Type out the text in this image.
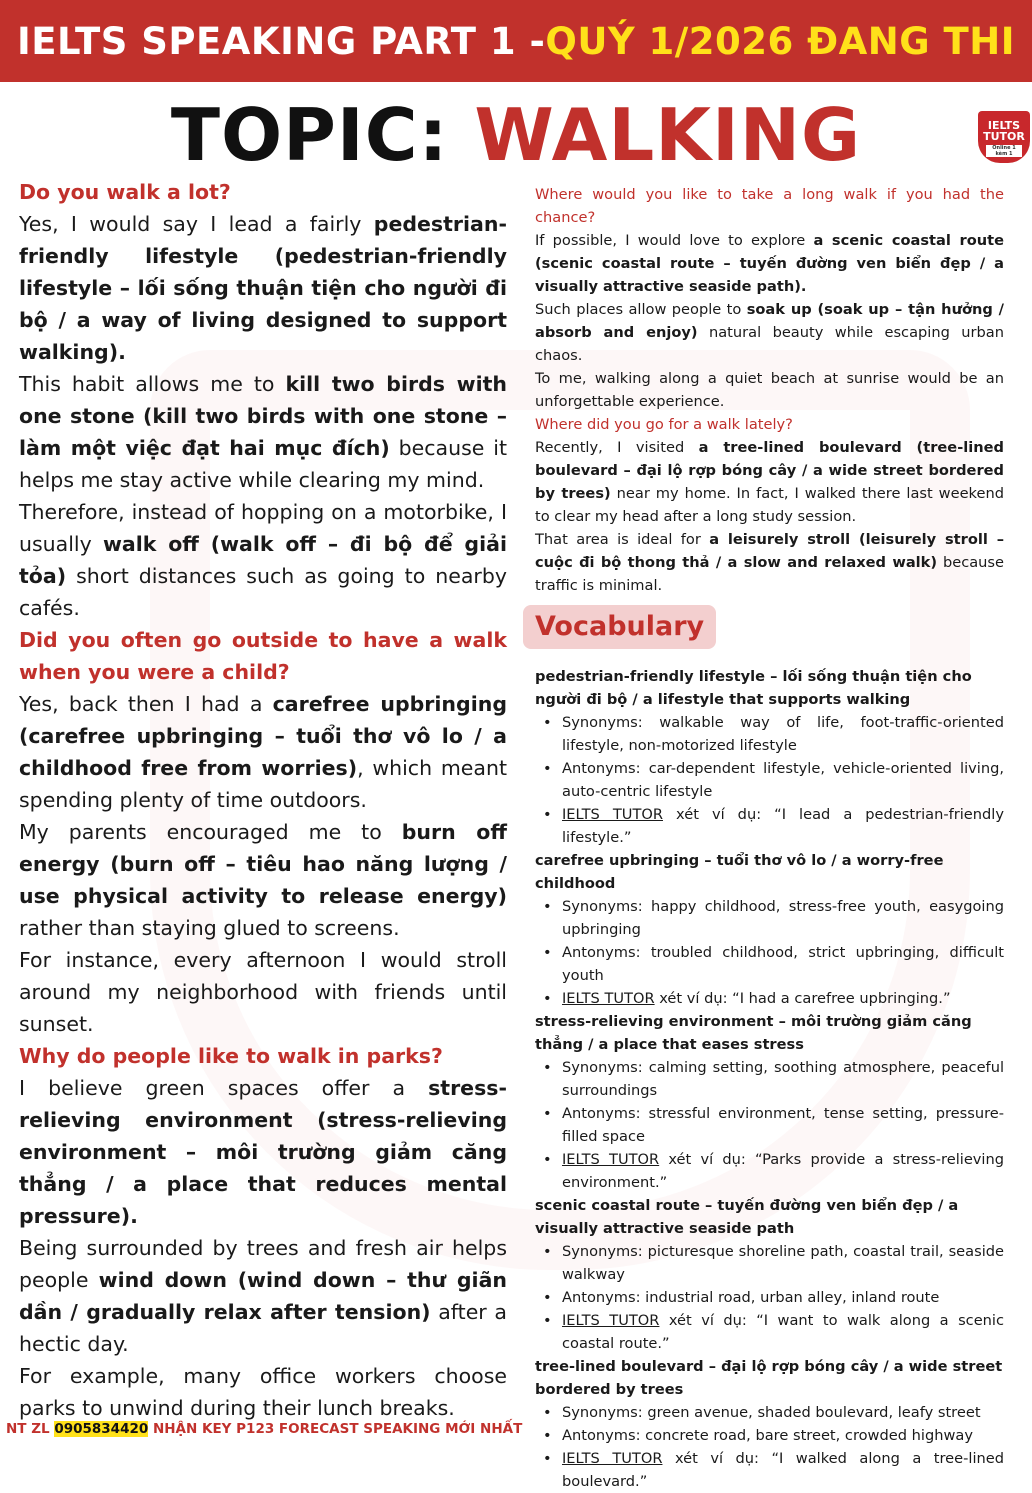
IELTS SPEAKING PART 1 - QUÝ 1/2026 ĐANG THI
TOPIC: WALKING	IELTS
TUTOR
Online 1 kèm 1
Do you walk a lot?
Yes, I would say I lead a fairly pedestrian-friendly lifestyle (pedestrian-friendly lifestyle – lối sống thuận tiện cho người đi bộ / a way of living designed to support walking).
This habit allows me to kill two birds with one stone (kill two birds with one stone – làm một việc đạt hai mục đích) because it helps me stay active while clearing my mind.
Therefore, instead of hopping on a motorbike, I usually walk off (walk off – đi bộ để giải tỏa) short distances such as going to nearby cafés.
Did you often go outside to have a walk when you were a child?
Yes, back then I had a carefree upbringing (carefree upbringing – tuổi thơ vô lo / a childhood free from worries), which meant spending plenty of time outdoors.
My parents encouraged me to burn off energy (burn off – tiêu hao năng lượng / use physical activity to release energy) rather than staying glued to screens.
For instance, every afternoon I would stroll around my neighborhood with friends until sunset.
Why do people like to walk in parks?
I believe green spaces offer a stress-relieving environment (stress-relieving environment – môi trường giảm căng thẳng / a place that reduces mental pressure).
Being surrounded by trees and fresh air helps people wind down (wind down – thư giãn dần / gradually relax after tension) after a hectic day.
For example, many office workers choose parks to unwind during their lunch breaks.
Where would you like to take a long walk if you had the chance?
If possible, I would love to explore a scenic coastal route (scenic coastal route – tuyến đường ven biển đẹp / a visually attractive seaside path).
Such places allow people to soak up (soak up – tận hưởng / absorb and enjoy) natural beauty while escaping urban chaos.
To me, walking along a quiet beach at sunrise would be an unforgettable experience.
Where did you go for a walk lately?
Recently, I visited a tree-lined boulevard (tree-lined boulevard – đại lộ rợp bóng cây / a wide street bordered by trees) near my home. In fact, I walked there last weekend to clear my head after a long study session.
That area is ideal for a leisurely stroll (leisurely stroll – cuộc đi bộ thong thả / a slow and relaxed walk) because traffic is minimal.
Vocabulary
pedestrian-friendly lifestyle – lối sống thuận tiện cho người đi bộ / a lifestyle that supports walking
• Synonyms: walkable way of life, foot-traffic-oriented lifestyle, non-motorized lifestyle
• Antonyms: car-dependent lifestyle, vehicle-oriented living, auto-centric lifestyle
• IELTS TUTOR xét ví dụ: “I lead a pedestrian-friendly lifestyle.”
carefree upbringing – tuổi thơ vô lo / a worry-free childhood
• Synonyms: happy childhood, stress-free youth, easygoing upbringing
• Antonyms: troubled childhood, strict upbringing, difficult youth
• IELTS TUTOR xét ví dụ: “I had a carefree upbringing.”
stress-relieving environment – môi trường giảm căng thẳng / a place that eases stress
• Synonyms: calming setting, soothing atmosphere, peaceful surroundings
• Antonyms: stressful environment, tense setting, pressure-filled space
• IELTS TUTOR xét ví dụ: “Parks provide a stress-relieving environment.”
scenic coastal route – tuyến đường ven biển đẹp / a visually attractive seaside path
• Synonyms: picturesque shoreline path, coastal trail, seaside walkway
• Antonyms: industrial road, urban alley, inland route
• IELTS TUTOR xét ví dụ: “I want to walk along a scenic coastal route.”
tree-lined boulevard – đại lộ rợp bóng cây / a wide street bordered by trees
• Synonyms: green avenue, shaded boulevard, leafy street
• Antonyms: concrete road, bare street, crowded highway
• IELTS TUTOR xét ví dụ: “I walked along a tree-lined boulevard.”
NT ZL 0905834420 NHẬN KEY P123 FORECAST SPEAKING MỚI NHẤT
